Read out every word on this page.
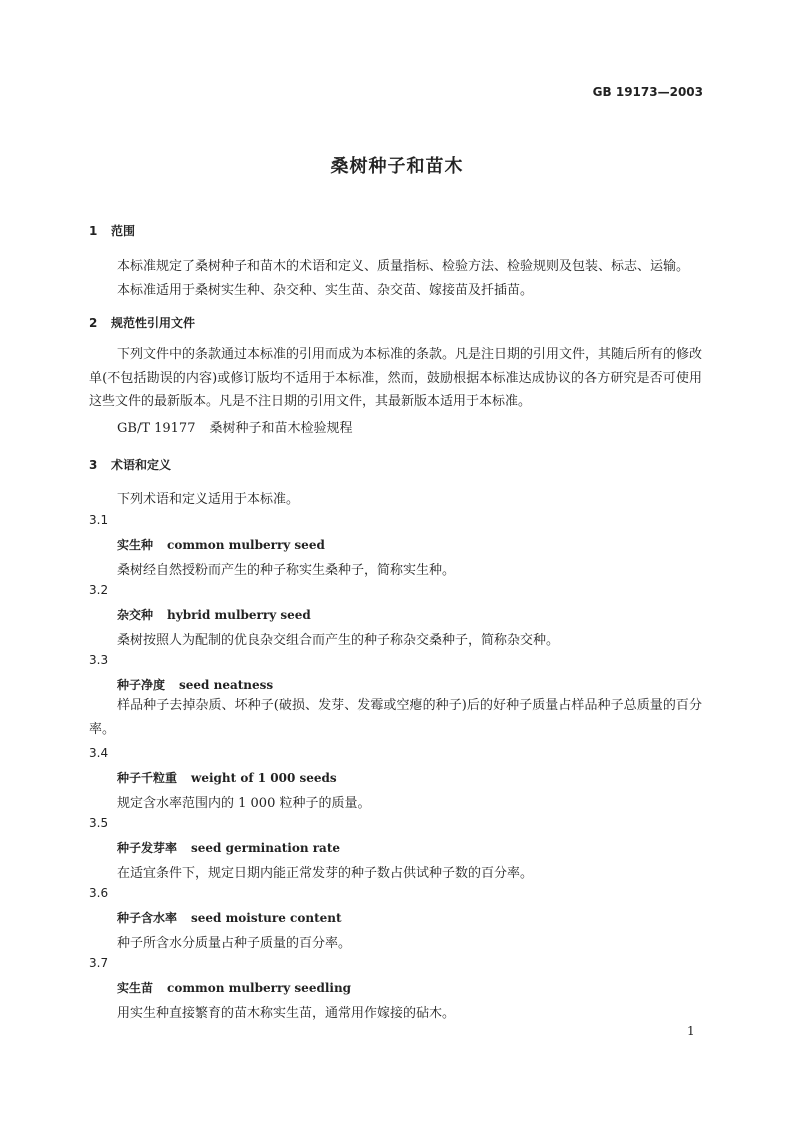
GB 19173—2003
桑树种子和苗木
1 范围
本标准规定了桑树种子和苗木的术语和定义、质量指标、检验方法、检验规则及包装、标志、运输。
本标准适用于桑树实生种、杂交种、实生苗、杂交苗、嫁接苗及扦插苗。
2 规范性引用文件
下列文件中的条款通过本标准的引用而成为本标准的条款。凡是注日期的引用文件，其随后所有的修改单(不包括勘误的内容)或修订版均不适用于本标准，然而，鼓励根据本标准达成协议的各方研究是否可使用这些文件的最新版本。凡是不注日期的引用文件，其最新版本适用于本标准。
GB/T 19177 桑树种子和苗木检验规程
3 术语和定义
下列术语和定义适用于本标准。
3.1
实生种 common mulberry seed
桑树经自然授粉而产生的种子称实生桑种子，简称实生种。
3.2
杂交种 hybrid mulberry seed
桑树按照人为配制的优良杂交组合而产生的种子称杂交桑种子，简称杂交种。
3.3
种子净度 seed neatness
样品种子去掉杂质、坏种子(破损、发芽、发霉或空瘪的种子)后的好种子质量占样品种子总质量的百分率。
3.4
种子千粒重 weight of 1 000 seeds
规定含水率范围内的 1 000 粒种子的质量。
3.5
种子发芽率 seed germination rate
在适宜条件下，规定日期内能正常发芽的种子数占供试种子数的百分率。
3.6
种子含水率 seed moisture content
种子所含水分质量占种子质量的百分率。
3.7
实生苗 common mulberry seedling
用实生种直接繁育的苗木称实生苗，通常用作嫁接的砧木。
1
